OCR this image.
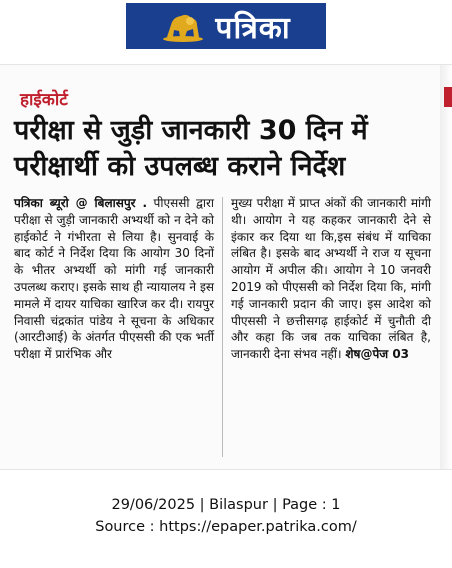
पत्रिका
हाईकोर्ट
परीक्षा से जुड़ी जानकारी 30 दिन में परीक्षार्थी को उपलब्ध कराने निर्देश
पत्रिका ब्यूरो @ बिलासपुर . पीएससी द्वारा परीक्षा से जुड़ी जानकारी अभ्यर्थी को न देने को हाईकोर्ट ने गंभीरता से लिया है। सुनवाई के बाद कोर्ट ने निर्देश दिया कि आयोग 30 दिनों के भीतर अभ्यर्थी को मांगी गई जानकारी उपलब्ध कराए। इसके साथ ही न्यायालय ने इस मामले में दायर याचिका खारिज कर दी। रायपुर निवासी चंद्रकांत पांडेय ने सूचना के अधिकार (आरटीआई) के अंतर्गत पीएससी की एक भर्ती परीक्षा में प्रारंभिक और
मुख्य परीक्षा में प्राप्त अंकों की जानकारी मांगी थी। आयोग ने यह कहकर जानकारी देने से इंकार कर दिया था कि,इस संबंध में याचिका लंबित है। इसके बाद अभ्यर्थी ने राज य सूचना आयोग में अपील की। आयोग ने 10 जनवरी 2019 को पीएससी को निर्देश दिया कि, मांगी गई जानकारी प्रदान की जाए। इस आदेश को पीएससी ने छत्तीसगढ़ हाईकोर्ट में चुनौती दी और कहा कि जब तक याचिका लंबित है, जानकारी देना संभव नहीं। शेष@पेज 03
29/06/2025 | Bilaspur | Page : 1
Source : https://epaper.patrika.com/
